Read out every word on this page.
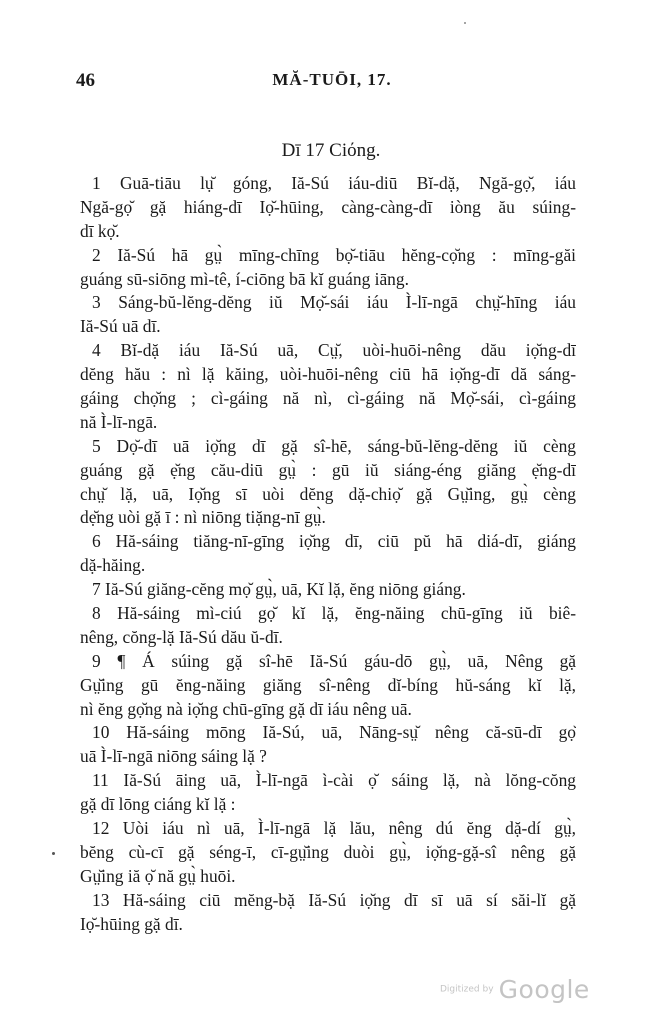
46	MĂ-TUŌI, 17.
Dī 17 Ciόng.
1 Guā-tiāu lụ̆ góng, Iă-Sú iáu-diū Bĭ-dặ, Ngă-gọ̆, iáu
Ngă-gọ̆ gặ hiáng-dī Iọ̆-hūing, càng-càng-dī iòng ău súing-
dī kọ̆.
2 Iă-Sú hā gṳ̀ mīng-chīng bọ̆-tiāu hĕng-cọ̆ng : mīng-găi
guáng sū-siōng mì-tê, í-ciōng bā kĭ guáng iāng.
3 Sáng-bŭ-lĕng-dĕng iŭ Mọ̆-sái iáu Ì-lī-ngā chṳ̆-hīng iáu
Iă-Sú uā dī.
4 Bĭ-dặ iáu Iă-Sú uā, Cṳ̆, uòi-huōi-nêng dău iọ̆ng-dī
dĕng hău : nì lặ kăing, uòi-huōi-nêng ciū hā iọ̆ng-dī dă sáng-
gáing chọ̆ng ; cì-gáing nă nì, cì-gáing nă Mọ̆-sái, cì-gáing
nă Ì-lī-ngā.
5 Dọ̆-dī uā iọ̆ng dī gặ sî-hē, sáng-bŭ-lĕng-dĕng iŭ cèng
guáng gặ ẹ̆ng cău-diū gṳ̀ : gū iŭ siáng-éng giăng ẹ̆ng-dī
chṳ̆ lặ, uā, Iọ̆ng sī uòi dĕng dặ-chiọ̆ gặ Gṳ̆ing, gṳ̀ cèng
dẹ̆ng uòi gặ ī : nì niōng tiặng-nī gṳ̀.
6 Hă-sáing tiăng-nī-gīng iọ̆ng dī, ciū pŭ hā diá-dī, giáng
dặ-hăing.
7 Iă-Sú giăng-cĕng mọ̆ gṳ̀, uā, Kĭ lặ, ĕng niōng giáng.
8 Hă-sáing mì-ciú gọ̆ kĭ lặ, ĕng-năing chū-gīng iŭ biê-
nêng, cŏng-lặ Iă-Sú dău ŭ-dī.
9 ¶ Á súing gặ sî-hē Iă-Sú gáu-dō gṳ̀, uā, Nêng gặ
Gṳ̆ing gū ĕng-năing giăng sî-nêng dĭ-bíng hŭ-sáng kĭ lặ,
nì ĕng gọ̆ng nà iọ̆ng chū-gīng gặ dī iáu nêng uā.
10 Hă-sáing mōng Iă-Sú, uā, Nāng-sṳ̆ nêng că-sū-dī gọ̆
uā Ì-lī-ngā niōng sáing lặ ?
11 Iă-Sú āing uā, Ì-lī-ngā ì-cài ọ̆ sáing lặ, nà lŏng-cŏng
gặ dī lōng ciáng kĭ lặ :
12 Uòi iáu nì uā, Ì-lī-ngā lặ lău, nêng dú ĕng dặ-dí gṳ̀,
bĕng cù-cī gặ séng-ī, cī-gṳ̆ing duòi gṳ̀, iọ̆ng-gặ-sî nêng gặ
Gṳ̆ing iă ọ̆ nă gṳ̀ huōi.
13 Hă-sáing ciū mĕng-bặ Iă-Sú iọ̆ng dī sī uā sí săi-lĭ gặ
Iọ̆-hūing gặ dī.
Digitized by Google
